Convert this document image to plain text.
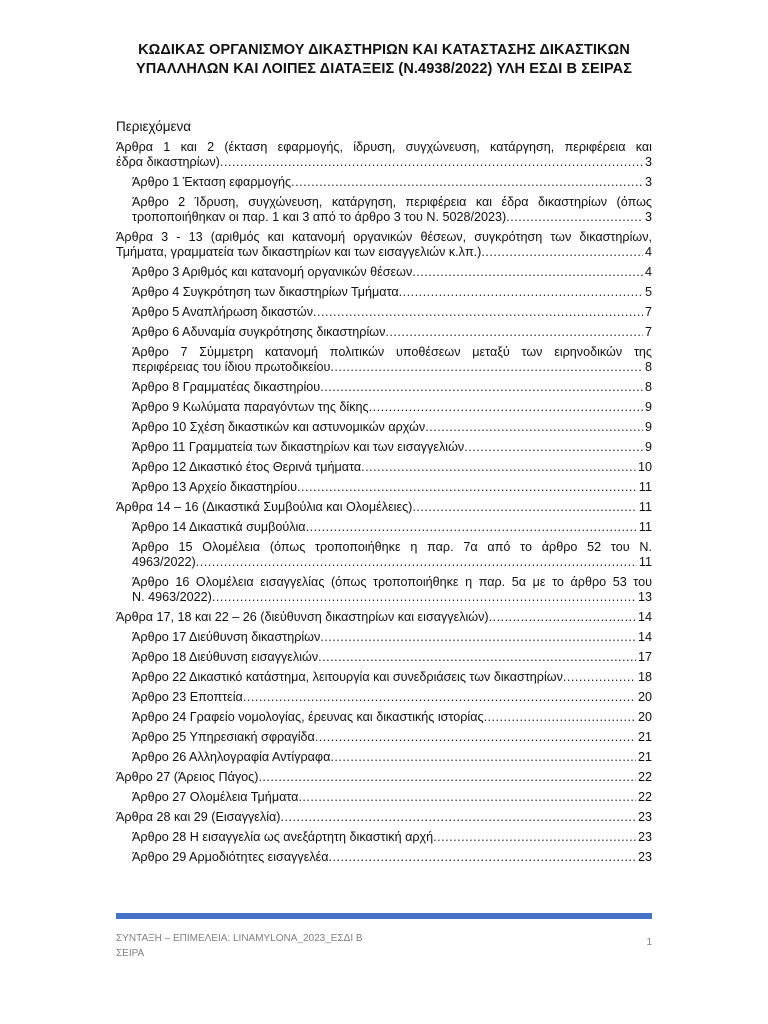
ΚΩΔΙΚΑΣ ΟΡΓΑΝΙΣΜΟΥ ΔΙΚΑΣΤΗΡΙΩΝ ΚΑΙ ΚΑΤΑΣΤΑΣΗΣ ΔΙΚΑΣΤΙΚΩΝ
ΥΠΑΛΛΗΛΩΝ ΚΑΙ ΛΟΙΠΕΣ ΔΙΑΤΑΞΕΙΣ (Ν.4938/2022) ΥΛΗ ΕΣΔΙ Β ΣΕΙΡΑΣ
Περιεχόμενα
Άρθρα 1 και 2 (έκταση εφαρμογής, ίδρυση, συγχώνευση, κατάργηση, περιφέρεια και
έδρα δικαστηρίων) .....	3
Άρθρο 1 Έκταση εφαρμογής .....	3
Άρθρο 2 Ίδρυση, συγχώνευση, κατάργηση, περιφέρεια και έδρα δικαστηρίων (όπως
τροποποιήθηκαν οι παρ. 1 και 3 από το άρθρο 3 του Ν. 5028/2023) .....	3
Άρθρα 3 - 13 (αριθμός και κατανομή οργανικών θέσεων, συγκρότηση των δικαστηρίων,
Τμήματα, γραμματεία των δικαστηρίων και των εισαγγελιών κ.λπ.) .....	4
Άρθρο 3 Αριθμός και κατανομή οργανικών θέσεων .....	4
Άρθρο 4 Συγκρότηση των δικαστηρίων Τμήματα .....	5
Άρθρο 5 Αναπλήρωση δικαστών .....	7
Άρθρο 6 Αδυναμία συγκρότησης δικαστηρίων .....	7
Άρθρο 7 Σύμμετρη κατανομή πολιτικών υποθέσεων μεταξύ των ειρηνοδικών της
περιφέρειας του ίδιου πρωτοδικείου .....	8
Άρθρο 8 Γραμματέας δικαστηρίου .....	8
Άρθρο 9 Κωλύματα παραγόντων της δίκης .....	9
Άρθρο 10 Σχέση δικαστικών και αστυνομικών αρχών .....	9
Άρθρο 11 Γραμματεία των δικαστηρίων και των εισαγγελιών .....	9
Άρθρο 12 Δικαστικό έτος Θερινά τμήματα .....	10
Άρθρο 13 Αρχείο δικαστηρίου .....	11
Άρθρα 14 – 16 (Δικαστικά Συμβούλια και Ολομέλειες) .....	11
Άρθρο 14 Δικαστικά συμβούλια .....	11
Άρθρο 15 Ολομέλεια (όπως τροποποιήθηκε η παρ. 7α από το άρθρο 52 του Ν.
4963/2022) .....	11
Άρθρο 16 Ολομέλεια εισαγγελίας (όπως τροποποιήθηκε η παρ. 5α με το άρθρο 53 του
Ν. 4963/2022) .....	13
Άρθρα 17, 18 και 22 – 26 (διεύθυνση δικαστηρίων και εισαγγελιών) .....	14
Άρθρο 17 Διεύθυνση δικαστηρίων .....	14
Άρθρο 18 Διεύθυνση εισαγγελιών .....	17
Άρθρο 22 Δικαστικό κατάστημα, λειτουργία και συνεδριάσεις των δικαστηρίων .....	18
Άρθρο 23 Εποπτεία .....	20
Άρθρο 24 Γραφείο νομολογίας, έρευνας και δικαστικής ιστορίας .....	20
Άρθρο 25 Υπηρεσιακή σφραγίδα .....	21
Άρθρο 26 Αλληλογραφία Αντίγραφα .....	21
Άρθρο 27 (Άρειος Πάγος) .....	22
Άρθρο 27 Ολομέλεια Τμήματα .....	22
Άρθρα 28 και 29 (Εισαγγελία) .....	23
Άρθρο 28 Η εισαγγελία ως ανεξάρτητη δικαστική αρχή .....	23
Άρθρο 29 Αρμοδιότητες εισαγγελέα .....	23
ΣΥΝΤΑΞΗ – ΕΠΙΜΕΛΕΙΑ: LINAMYLONA_2023_ΕΣΔΙ Β
ΣΕΙΡΑ
1
